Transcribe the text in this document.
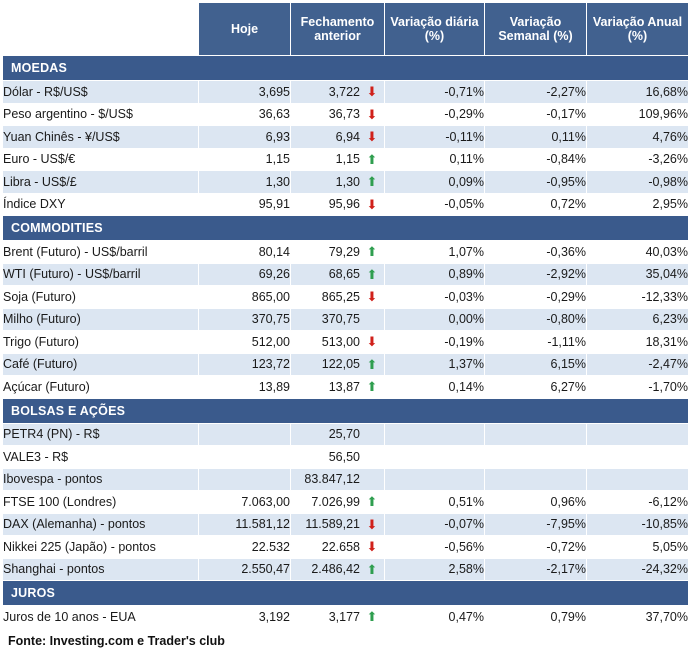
	Hoje	Fechamento anterior	Variação diária (%)	Variação Semanal (%)	Variação Anual (%)
MOEDAS					
Dólar - R$/US$	3,695	3,722 ⬇	-0,71%	-2,27%	16,68%
Peso argentino - $/US$	36,63	36,73 ⬇	-0,29%	-0,17%	109,96%
Yuan Chinês - ¥/US$	6,93	6,94 ⬇	-0,11%	0,11%	4,76%
Euro - US$/€	1,15	1,15 ⬆	0,11%	-0,84%	-3,26%
Libra - US$/£	1,30	1,30 ⬆	0,09%	-0,95%	-0,98%
Índice DXY	95,91	95,96 ⬇	-0,05%	0,72%	2,95%
COMMODITIES					
Brent (Futuro) - US$/barril	80,14	79,29 ⬆	1,07%	-0,36%	40,03%
WTI (Futuro) - US$/barril	69,26	68,65 ⬆	0,89%	-2,92%	35,04%
Soja (Futuro)	865,00	865,25 ⬇	-0,03%	-0,29%	-12,33%
Milho (Futuro)	370,75	370,75	0,00%	-0,80%	6,23%
Trigo (Futuro)	512,00	513,00 ⬇	-0,19%	-1,11%	18,31%
Café (Futuro)	123,72	122,05 ⬆	1,37%	6,15%	-2,47%
Açúcar (Futuro)	13,89	13,87 ⬆	0,14%	6,27%	-1,70%
BOLSAS E AÇÕES					
PETR4 (PN) - R$		25,70			

VALE3 - R$		56,50			

Ibovespa - pontos		83.847,12			

FTSE 100 (Londres)	7.063,00	7.026,99 ⬆	0,51%	0,96%	-6,12%
DAX (Alemanha) - pontos	11.581,12	11.589,21 ⬇	-0,07%	-7,95%	-10,85%
Nikkei 225 (Japão) - pontos	22.532	22.658 ⬇	-0,56%	-0,72%	5,05%
Shanghai - pontos	2.550,47	2.486,42 ⬆	2,58%	-2,17%	-24,32%
JUROS					
Juros de 10 anos - EUA	3,192	3,177 ⬆	0,47%	0,79%	37,70%
Fonte: Investing.com e Trader's club
